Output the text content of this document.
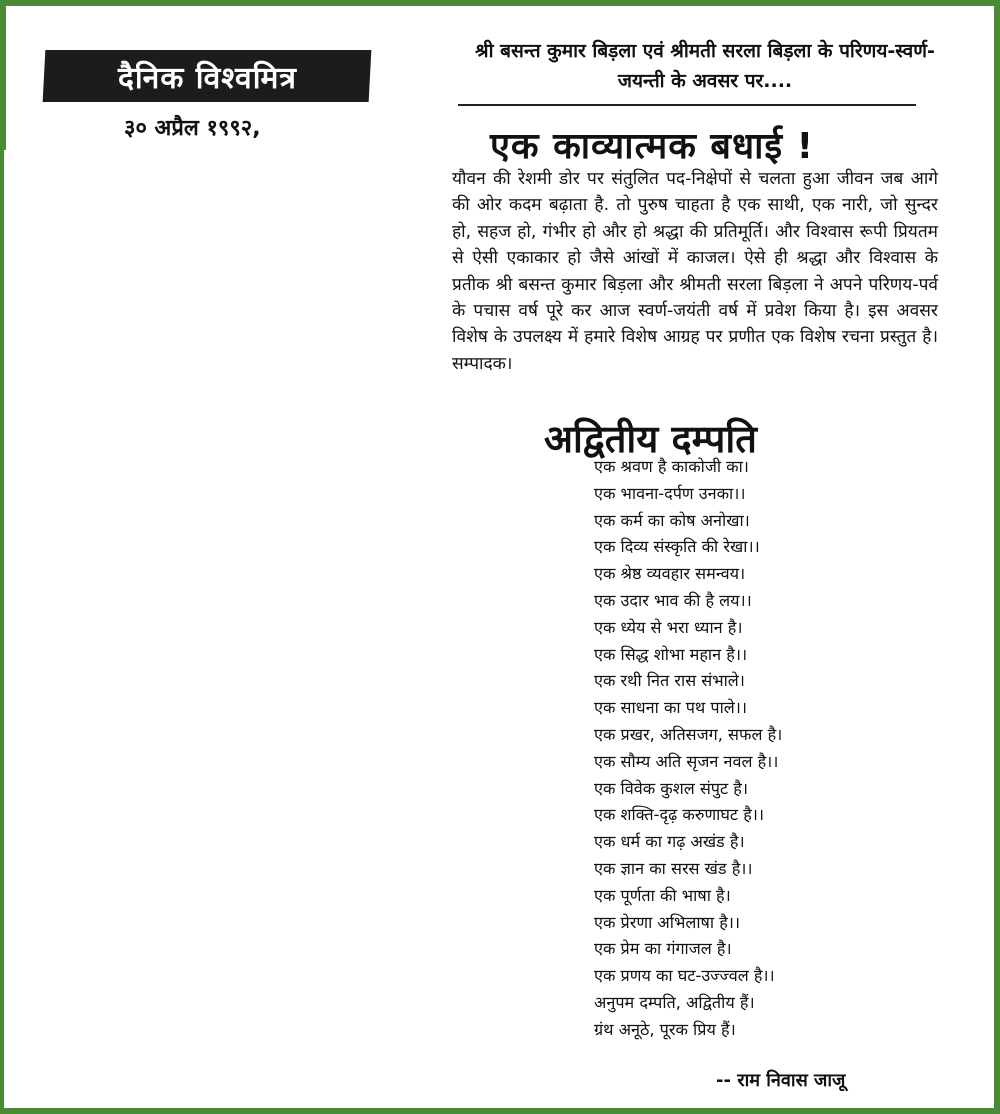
दैनिक विश्वमित्र
३० अप्रैल १९९२,
श्री बसन्त कुमार बिड़ला एवं श्रीमती सरला बिड़ला के परिणय-स्वर्ण-जयन्ती के अवसर पर....
एक काव्यात्मक बधाई !
यौवन की रेशमी डोर पर संतुलित पद-निक्षेपों से चलता हुआ जीवन जब आगे की ओर कदम बढ़ाता है. तो पुरुष चाहता है एक साथी, एक नारी, जो सुन्दर हो, सहज हो, गंभीर हो और हो श्रद्धा की प्रतिमूर्ति। और विश्वास रूपी प्रियतम से ऐसी एकाकार हो जैसे आंखों में काजल। ऐसे ही श्रद्धा और विश्वास के प्रतीक श्री बसन्त कुमार बिड़ला और श्रीमती सरला बिड़ला ने अपने परिणय-पर्व के पचास वर्ष पूरे कर आज स्वर्ण-जयंती वर्ष में प्रवेश किया है। इस अवसर विशेष के उपलक्ष्य में हमारे विशेष आग्रह पर प्रणीत एक विशेष रचना प्रस्तुत है। सम्पादक।
अद्वितीय दम्पति
एक श्रवण है काकोजी का।
एक भावना-दर्पण उनका।।
एक कर्म का कोष अनोखा।
एक दिव्य संस्कृति की रेखा।।
एक श्रेष्ठ व्यवहार समन्वय।
एक उदार भाव की है लय।।
एक ध्येय से भरा ध्यान है।
एक सिद्ध शोभा महान है।।
एक रथी नित रास संभाले।
एक साधना का पथ पाले।।
एक प्रखर, अतिसजग, सफल है।
एक सौम्य अति सृजन नवल है।।
एक विवेक कुशल संपुट है।
एक शक्ति-दृढ़ करुणाघट है।।
एक धर्म का गढ़ अखंड है।
एक ज्ञान का सरस खंड है।।
एक पूर्णता की भाषा है।
एक प्रेरणा अभिलाषा है।।
एक प्रेम का गंगाजल है।
एक प्रणय का घट-उज्ज्वल है।।
अनुपम दम्पति, अद्वितीय हैं।
ग्रंथ अनूठे, पूरक प्रिय हैं।
-- राम निवास जाजू
